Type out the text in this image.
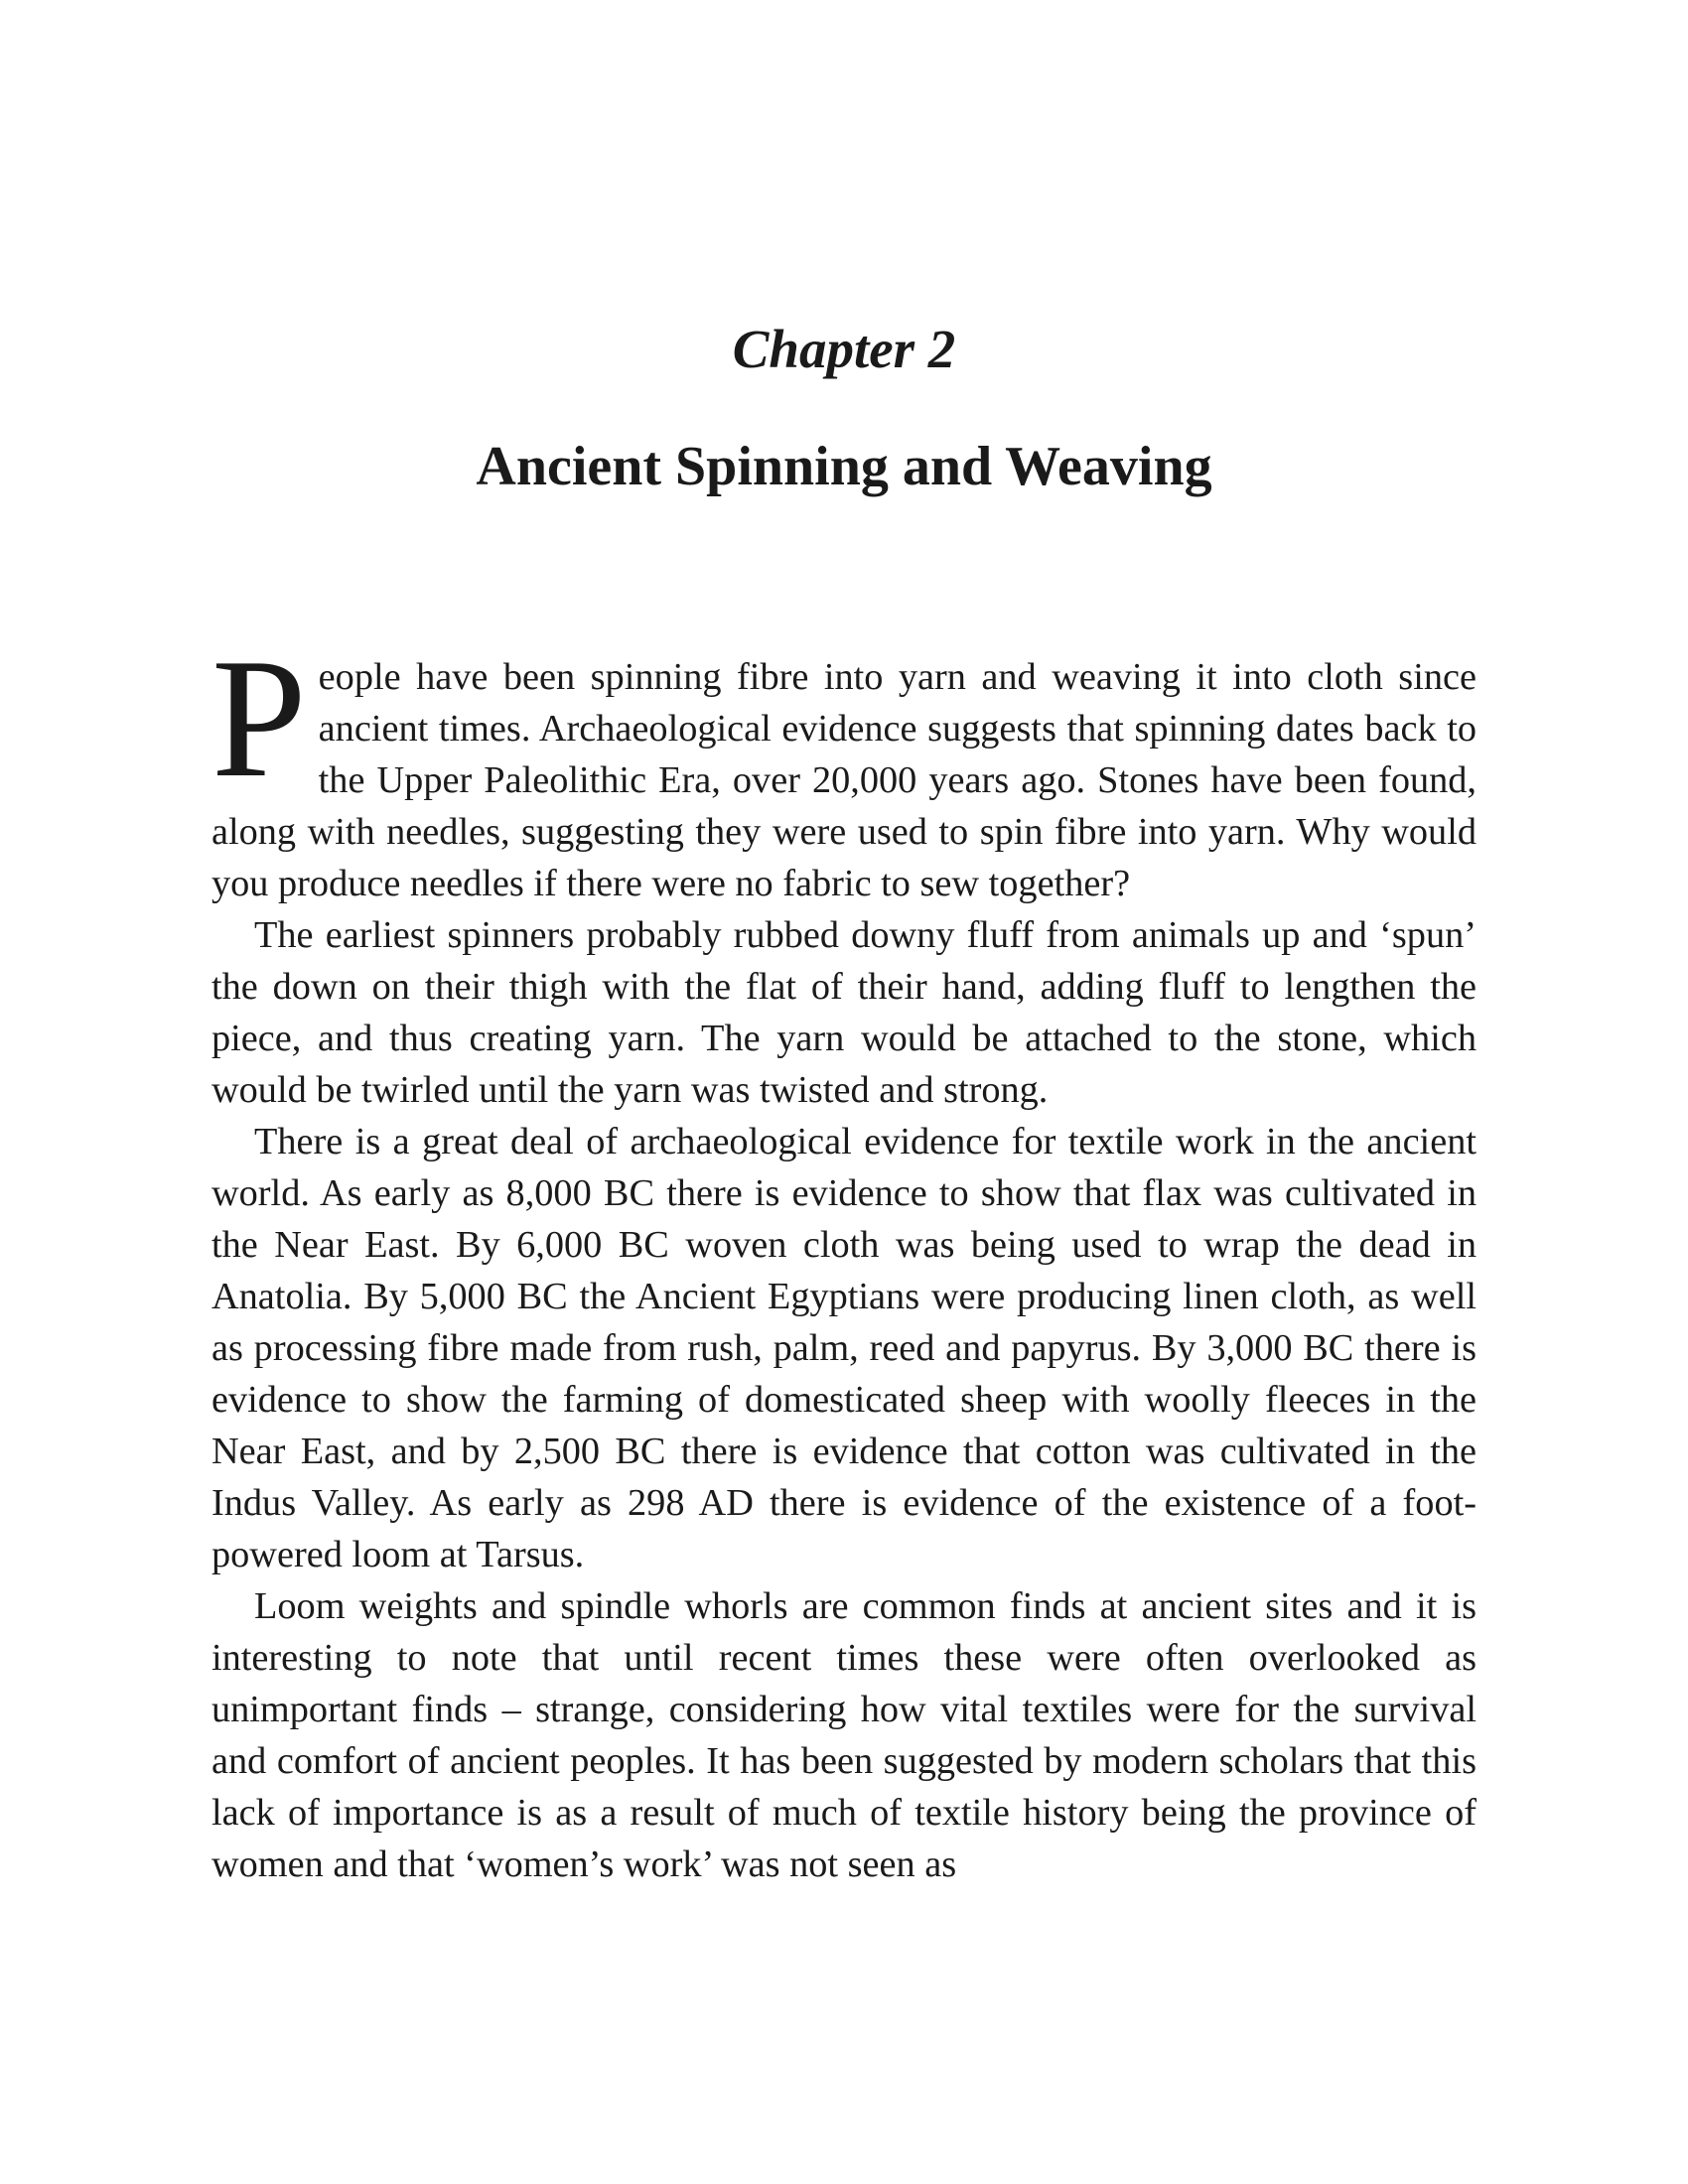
Chapter 2
Ancient Spinning and Weaving

People have been spinning fibre into yarn and weaving it into cloth since ancient times. Archaeological evidence suggests that spinning dates back to the Upper Paleolithic Era, over 20,000 years ago. Stones have been found, along with needles, suggesting they were used to spin fibre into yarn. Why would you produce needles if there were no fabric to sew together?

The earliest spinners probably rubbed downy fluff from animals up and ‘spun’ the down on their thigh with the flat of their hand, adding fluff to lengthen the piece, and thus creating yarn. The yarn would be attached to the stone, which would be twirled until the yarn was twisted and strong.

There is a great deal of archaeological evidence for textile work in the ancient world. As early as 8,000 BC there is evidence to show that flax was cultivated in the Near East. By 6,000 BC woven cloth was being used to wrap the dead in Anatolia. By 5,000 BC the Ancient Egyptians were producing linen cloth, as well as processing fibre made from rush, palm, reed and papyrus. By 3,000 BC there is evidence to show the farming of domesticated sheep with woolly fleeces in the Near East, and by 2,500 BC there is evidence that cotton was cultivated in the Indus Valley. As early as 298 AD there is evidence of the existence of a foot-powered loom at Tarsus.

Loom weights and spindle whorls are common finds at ancient sites and it is interesting to note that until recent times these were often overlooked as unimportant finds – strange, considering how vital textiles were for the survival and comfort of ancient peoples. It has been suggested by modern scholars that this lack of importance is as a result of much of textile history being the province of women and that ‘women’s work’ was not seen as
